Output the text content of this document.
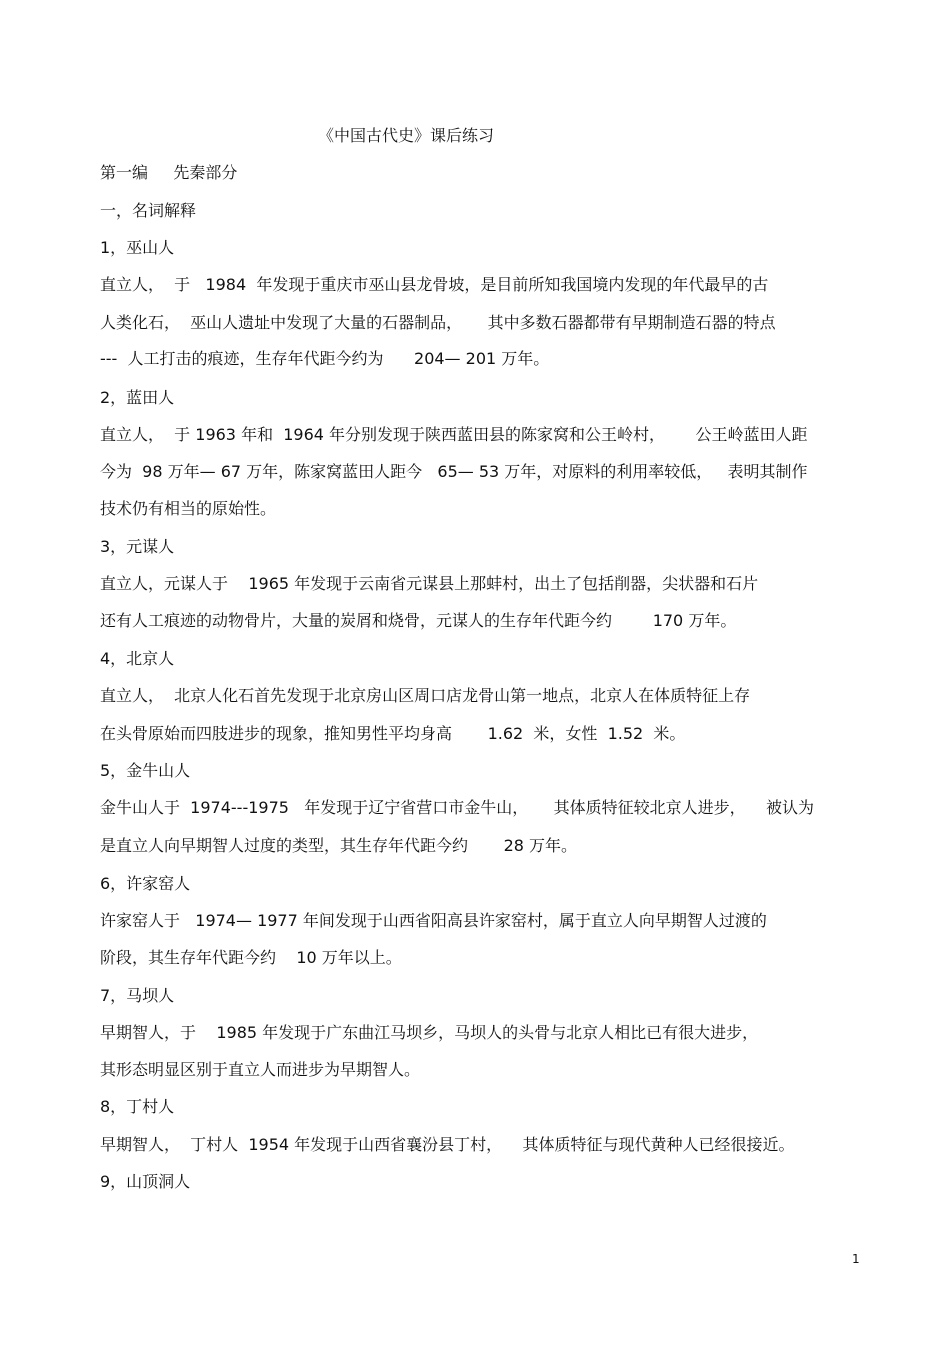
《中国古代史》课后练习
第一编     先秦部分
一，名词解释
1，巫山人
直立人，  于   1984  年发现于重庆市巫山县龙骨坡，是目前所知我国境内发现的年代最早的古
人类化石，  巫山人遗址中发现了大量的石器制品，     其中多数石器都带有早期制造石器的特点
---  人工打击的痕迹，生存年代距今约为      204— 201 万年。
2，蓝田人
直立人，  于 1963 年和  1964 年分别发现于陕西蓝田县的陈家窝和公王岭村，      公王岭蓝田人距
今为  98 万年— 67 万年，陈家窝蓝田人距今   65— 53 万年，对原料的利用率较低，   表明其制作
技术仍有相当的原始性。
3，元谋人
直立人，元谋人于    1965 年发现于云南省元谋县上那蚌村，出土了包括削器，尖状器和石片
还有人工痕迹的动物骨片，大量的炭屑和烧骨，元谋人的生存年代距今约        170 万年。
4，北京人
直立人，  北京人化石首先发现于北京房山区周口店龙骨山第一地点，北京人在体质特征上存
在头骨原始而四肢进步的现象，推知男性平均身高       1.62  米，女性  1.52  米。
5，金牛山人
金牛山人于  1974---1975   年发现于辽宁省营口市金牛山，     其体质特征较北京人进步，    被认为
是直立人向早期智人过度的类型，其生存年代距今约       28 万年。
6，许家窑人
许家窑人于   1974— 1977 年间发现于山西省阳高县许家窑村，属于直立人向早期智人过渡的
阶段，其生存年代距今约    10 万年以上。
7，马坝人
早期智人，于    1985 年发现于广东曲江马坝乡，马坝人的头骨与北京人相比已有很大进步，
其形态明显区别于直立人而进步为早期智人。
8，丁村人
早期智人，  丁村人  1954 年发现于山西省襄汾县丁村，    其体质特征与现代黄种人已经很接近。
9，山顶洞人
1
